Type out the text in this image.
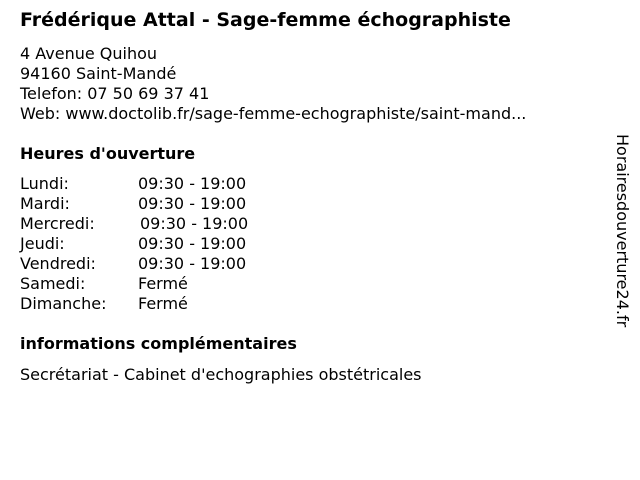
Frédérique Attal - Sage-femme échographiste
4 Avenue Quihou
94160 Saint-Mandé
Telefon: 07 50 69 37 41
Web: www.doctolib.fr/sage-femme-echographiste/saint-mand...
Heures d'ouverture
Lundi:	09:30 - 19:00
Mardi:	09:30 - 19:00
Mercredi:	09:30 - 19:00
Jeudi:	09:30 - 19:00
Vendredi:	09:30 - 19:00
Samedi:	Fermé
Dimanche: Fermé
informations complémentaires
Secrétariat - Cabinet d'echographies obstétricales
Horairesdouverture24.fr
